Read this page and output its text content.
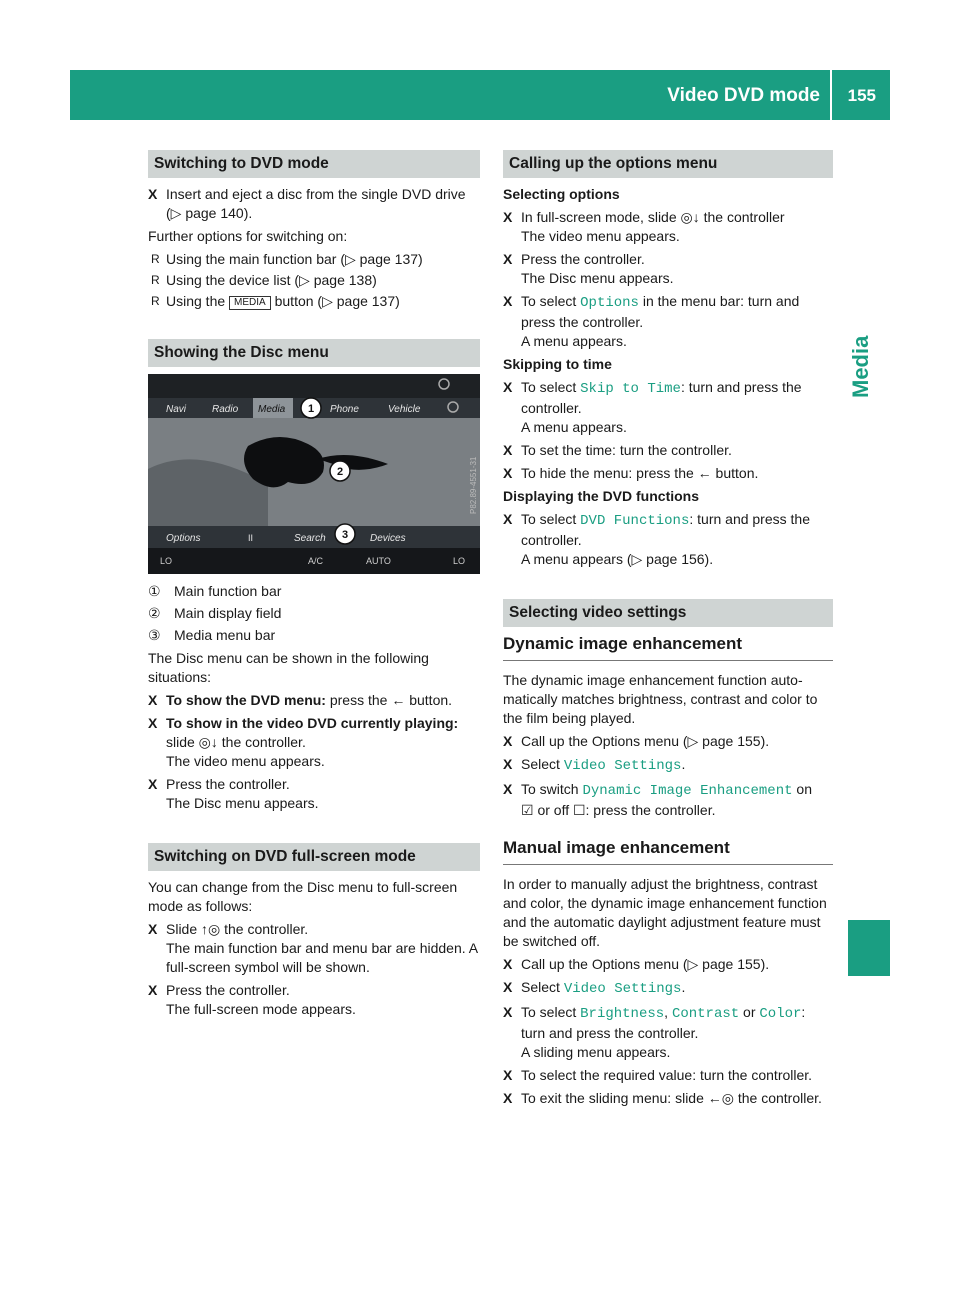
Video DVD mode 155
Media
Switching to DVD mode
X Insert and eject a disc from the single DVD drive (▷ page 140).
Further options for switching on:
R Using the main function bar (▷ page 137)
R Using the device list (▷ page 138)
R Using the MEDIA button (▷ page 137)
Showing the Disc menu
Navi	Radio Media	Phone	Vehicle
Options	II	Search	Devices
LO	A/C	AUTO	LO
P82.89-4551-31
1
2
3
① Main function bar
② Main display field
③ Media menu bar
The Disc menu can be shown in the following situations:
X To show the DVD menu: press the ← button.
X To show in the video DVD currently playing: slide ◎↓ the controller.
The video menu appears.
X Press the controller.
The Disc menu appears.
Switching on DVD full-screen mode
You can change from the Disc menu to full-screen mode as follows:
X Slide ↑◎ the controller.
The main function bar and menu bar are hidden. A full-screen symbol will be shown.
X Press the controller.
The full-screen mode appears.
Calling up the options menu
Selecting options
X In full-screen mode, slide ◎↓ the controller
The video menu appears.
X Press the controller.
The Disc menu appears.
X To select Options in the menu bar: turn and press the controller.
A menu appears.
Skipping to time
X To select Skip to Time: turn and press the controller.
A menu appears.
X To set the time: turn the controller.
X To hide the menu: press the ← button.
Displaying the DVD functions
X To select DVD Functions: turn and press the controller.
A menu appears (▷ page 156).
Selecting video settings
Dynamic image enhancement
The dynamic image enhancement function automatically matches brightness, contrast and color to the film being played.
X Call up the Options menu (▷ page 155).
X Select Video Settings.
X To switch Dynamic Image Enhancement on
☑ or off ☐: press the controller.
Manual image enhancement
In order to manually adjust the brightness, contrast and color, the dynamic image enhancement function and the automatic daylight adjustment feature must be switched off.
X Call up the Options menu (▷ page 155).
X Select Video Settings.
X To select Brightness, Contrast or Color: turn and press the controller.
A sliding menu appears.
X To select the required value: turn the controller.
X To exit the sliding menu: slide ←◎ the controller.
